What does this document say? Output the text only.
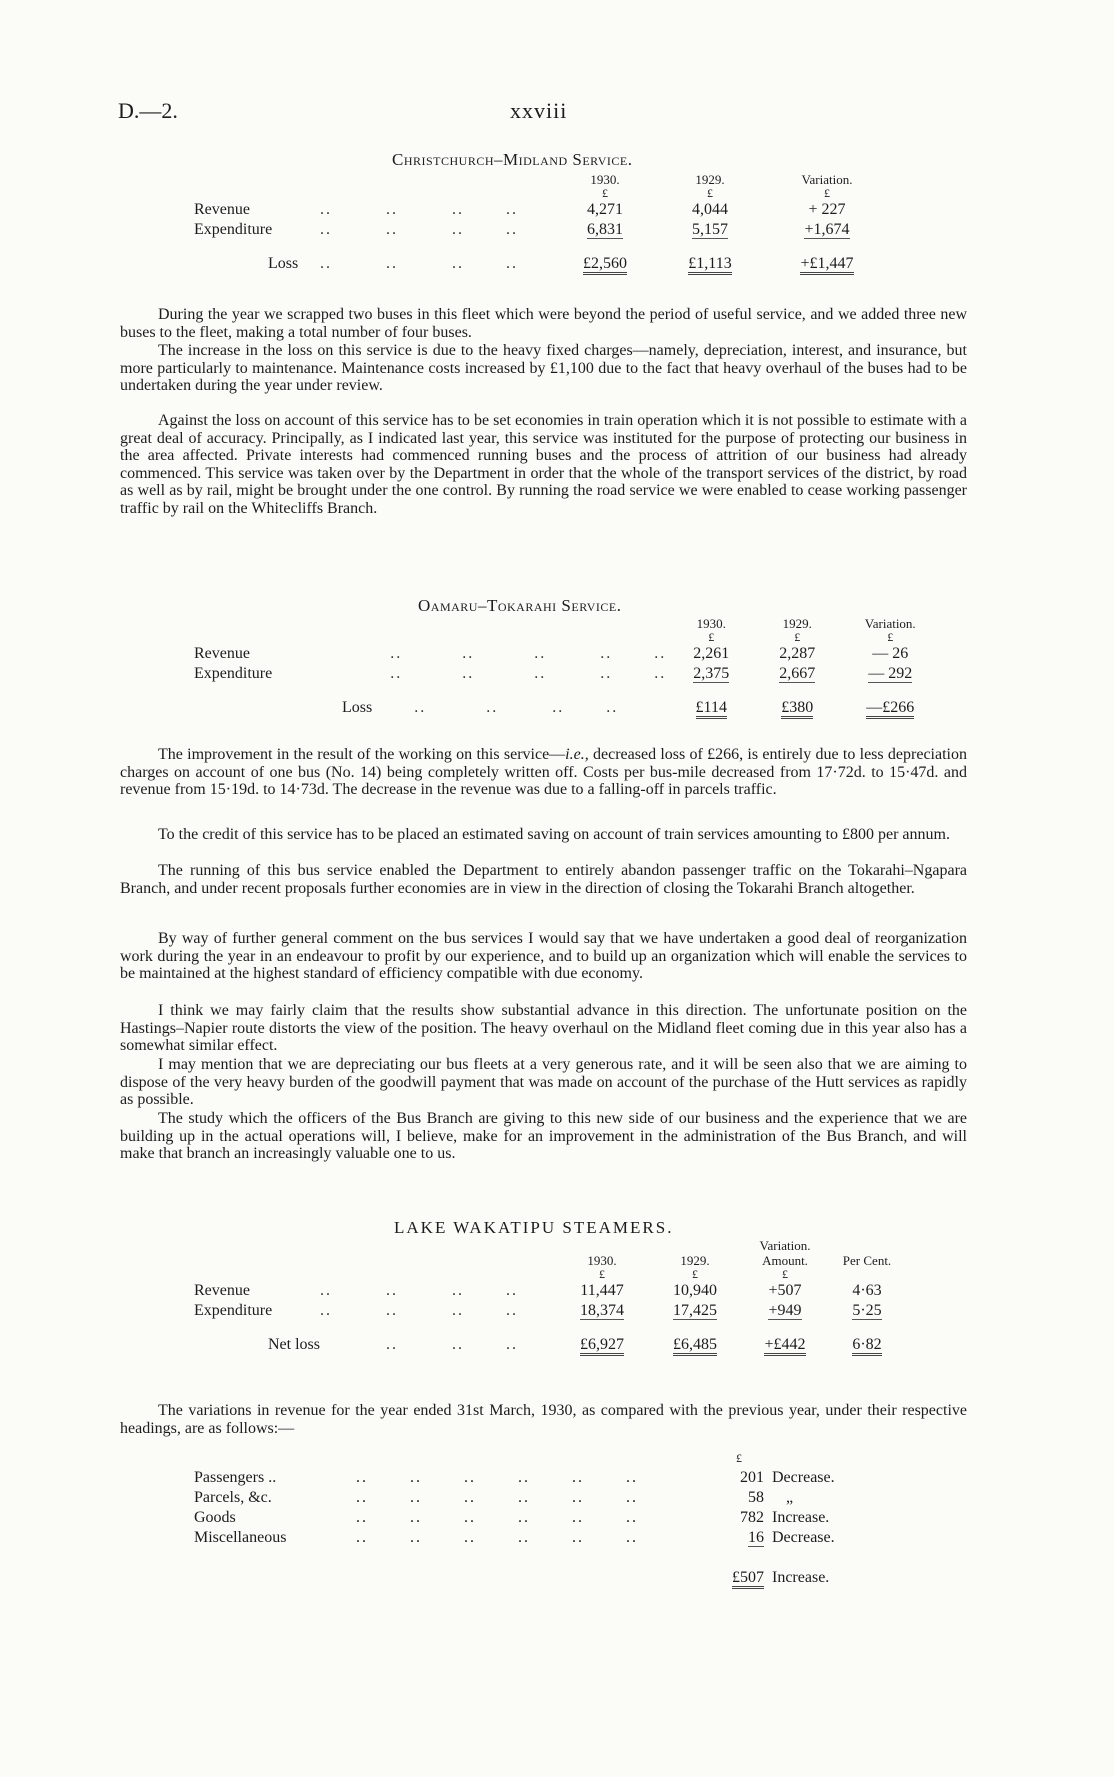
D.—2.	xxviii
Christchurch–Midland Service.
		1930.	1929.	Variation.
		£	£	£
Revenue	..         ..         ..       ..	4,271	4,044	+ 227
Expenditure	..         ..         ..       ..	6,831	5,157	+1,674

Loss	..         ..         ..       ..	£2,560	£1,113	+£1,447

During the year we scrapped two buses in this fleet which were beyond the period of useful service, and we added three new buses to the fleet, making a total number of four buses.

The increase in the loss on this service is due to the heavy fixed charges—namely, depreciation, interest, and insurance, but more particularly to maintenance. Maintenance costs increased by £1,100 due to the fact that heavy overhaul of the buses had to be undertaken during the year under review.

Against the loss on account of this service has to be set economies in train operation which it is not possible to estimate with a great deal of accuracy. Principally, as I indicated last year, this service was instituted for the purpose of protecting our business in the area affected. Private interests had commenced running buses and the process of attrition of our business had already commenced. This service was taken over by the Department in order that the whole of the transport services of the district, by road as well as by rail, might be brought under the one control. By running the road service we were enabled to cease working passenger traffic by rail on the Whitecliffs Branch.

Oamaru–Tokarahi Service.
		1930.	1929.	Variation.
		£	£	£
Revenue	..          ..          ..         ..       ..	2,261	2,287	— 26
Expenditure	..          ..          ..         ..       ..	2,375	2,667	— 292

Loss	..          ..         ..       ..	£114	£380	—£266

The improvement in the result of the working on this service—i.e., decreased loss of £266, is entirely due to less depreciation charges on account of one bus (No. 14) being completely written off. Costs per bus-mile decreased from 17·72d. to 15·47d. and revenue from 15·19d. to 14·73d. The decrease in the revenue was due to a falling-off in parcels traffic.

To the credit of this service has to be placed an estimated saving on account of train services amounting to £800 per annum.

The running of this bus service enabled the Department to entirely abandon passenger traffic on the Tokarahi–Ngapara Branch, and under recent proposals further economies are in view in the direction of closing the Tokarahi Branch altogether.

By way of further general comment on the bus services I would say that we have undertaken a good deal of reorganization work during the year in an endeavour to profit by our experience, and to build up an organization which will enable the services to be maintained at the highest standard of efficiency compatible with due economy.

I think we may fairly claim that the results show substantial advance in this direction. The unfortunate position on the Hastings–Napier route distorts the view of the position. The heavy overhaul on the Midland fleet coming due in this year also has a somewhat similar effect.

I may mention that we are depreciating our bus fleets at a very generous rate, and it will be seen also that we are aiming to dispose of the very heavy burden of the goodwill payment that was made on account of the purchase of the Hutt services as rapidly as possible.

The study which the officers of the Bus Branch are giving to this new side of our business and the experience that we are building up in the actual operations will, I believe, make for an improvement in the administration of the Bus Branch, and will make that branch an increasingly valuable one to us.

LAKE WAKATIPU STEAMERS.
				Variation.	
		1930.	1929.	Amount.	Per Cent.
		£	£	£	
Revenue	..         ..         ..       ..	11,447	10,940	+507	4·63
Expenditure	..         ..         ..       ..	18,374	17,425	+949	5·25

Net loss	..         ..       ..	£6,927	£6,485	+£442	6·82

The variations in revenue for the year ended 31st March, 1930, as compared with the previous year, under their respective headings, are as follows:—

		£	
Passengers ..	..       ..       ..       ..       ..       ..	201	Decrease.
Parcels, &c.	..       ..       ..       ..       ..       ..	58	„
Goods	..       ..       ..       ..       ..       ..	782	Increase.
Miscellaneous	..       ..       ..       ..       ..       ..	16	Decrease.

		£507	Increase.
